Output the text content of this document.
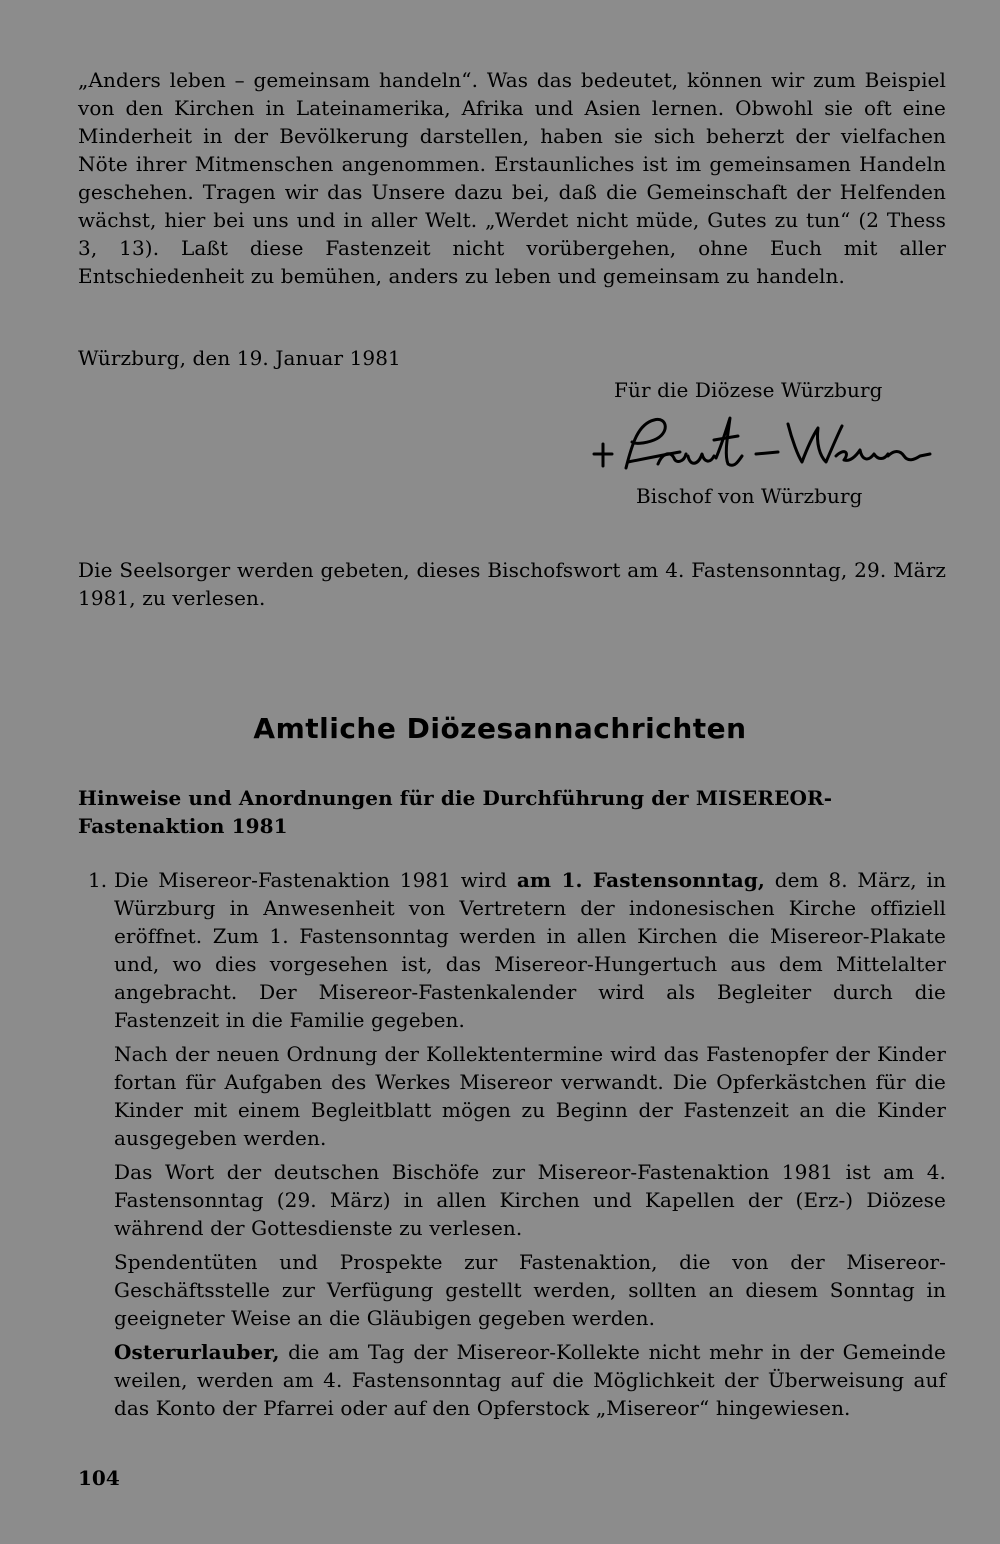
„Anders leben – gemeinsam handeln“. Was das bedeutet, können wir zum Beispiel von den Kirchen in Lateinamerika, Afrika und Asien lernen. Obwohl sie oft eine Minderheit in der Bevölkerung darstellen, haben sie sich beherzt der vielfachen Nöte ihrer Mitmenschen angenommen. Erstaunliches ist im gemeinsamen Handeln geschehen. Tragen wir das Unsere dazu bei, daß die Gemeinschaft der Helfenden wächst, hier bei uns und in aller Welt. „Werdet nicht müde, Gutes zu tun“ (2 Thess 3, 13). Laßt diese Fastenzeit nicht vorübergehen, ohne Euch mit aller Entschiedenheit zu bemühen, anders zu leben und gemeinsam zu handeln.

Würzburg, den 19. Januar 1981

Für die Diözese Würzburg

Bischof von Würzburg

Die Seelsorger werden gebeten, dieses Bischofswort am 4. Fastensonntag, 29. März 1981, zu verlesen.

Amtliche Diözesannachrichten

Hinweise und Anordnungen für die Durchführung der MISEREOR-Fastenaktion 1981

1. Die Misereor-Fastenaktion 1981 wird am 1. Fastensonntag, dem 8. März, in Würzburg in Anwesenheit von Vertretern der indonesischen Kirche offiziell eröffnet. Zum 1. Fastensonntag werden in allen Kirchen die Misereor-Plakate und, wo dies vorgesehen ist, das Misereor-Hungertuch aus dem Mittelalter angebracht. Der Misereor-Fastenkalender wird als Begleiter durch die Fastenzeit in die Familie gegeben.

Nach der neuen Ordnung der Kollektentermine wird das Fastenopfer der Kinder fortan für Aufgaben des Werkes Misereor verwandt. Die Opferkästchen für die Kinder mit einem Begleitblatt mögen zu Beginn der Fastenzeit an die Kinder ausgegeben werden.

Das Wort der deutschen Bischöfe zur Misereor-Fastenaktion 1981 ist am 4. Fastensonntag (29. März) in allen Kirchen und Kapellen der (Erz-) Diözese während der Gottesdienste zu verlesen.

Spendentüten und Prospekte zur Fastenaktion, die von der Misereor-Geschäftsstelle zur Verfügung gestellt werden, sollten an diesem Sonntag in geeigneter Weise an die Gläubigen gegeben werden.

Osterurlauber, die am Tag der Misereor-Kollekte nicht mehr in der Gemeinde weilen, werden am 4. Fastensonntag auf die Möglichkeit der Überweisung auf das Konto der Pfarrei oder auf den Opferstock „Misereor“ hingewiesen.

104
